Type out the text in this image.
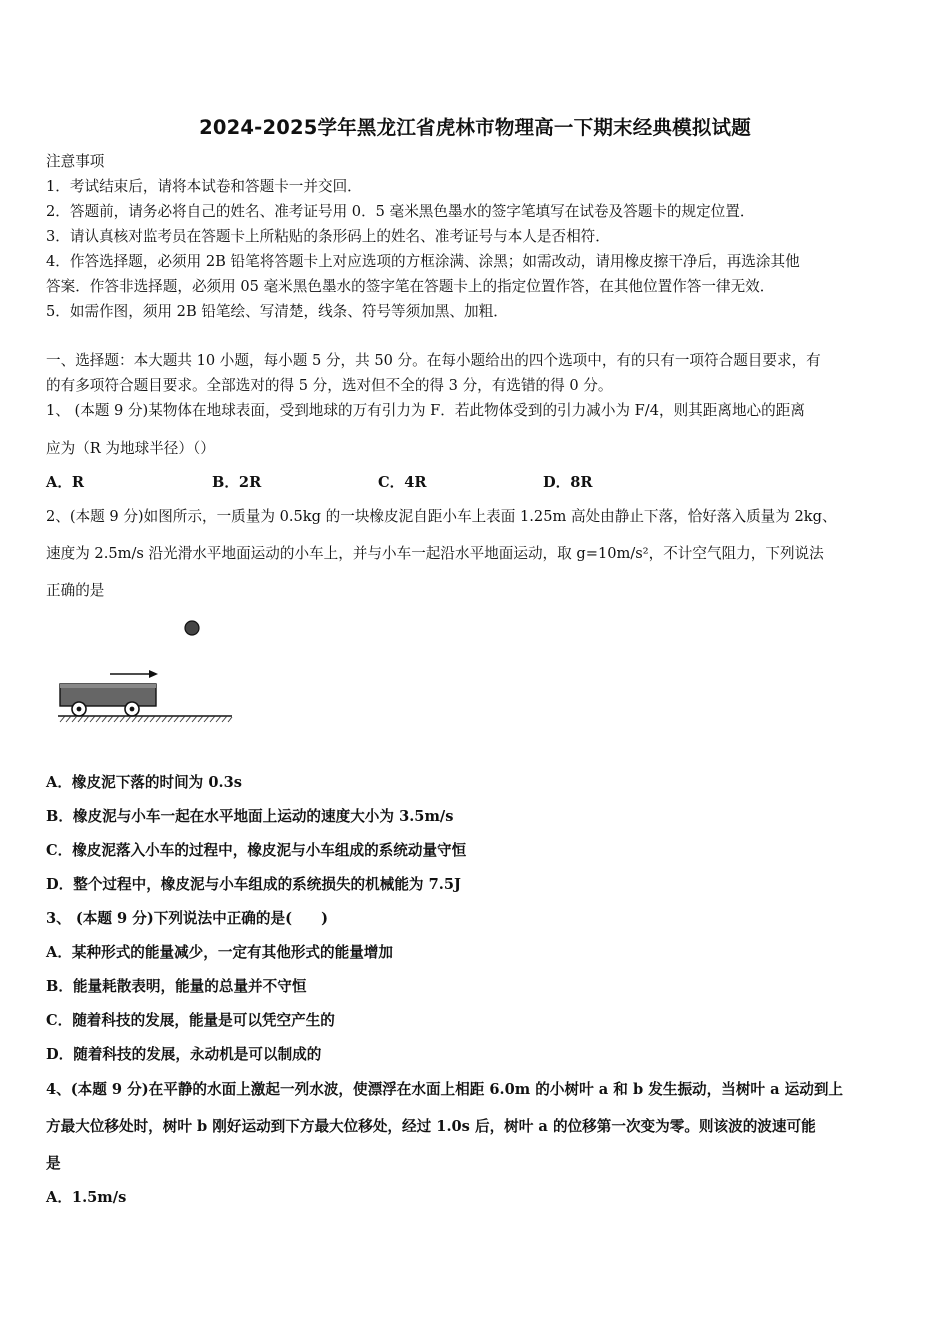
2024-2025学年黑龙江省虎林市物理高一下期末经典模拟试题
注意事项
1．考试结束后，请将本试卷和答题卡一并交回．
2．答题前，请务必将自己的姓名、准考证号用 0．5 毫米黑色墨水的签字笔填写在试卷及答题卡的规定位置．
3．请认真核对监考员在答题卡上所粘贴的条形码上的姓名、准考证号与本人是否相符．
4．作答选择题，必须用 2B 铅笔将答题卡上对应选项的方框涂满、涂黑；如需改动，请用橡皮擦干净后，再选涂其他
答案．作答非选择题，必须用 05 毫米黑色墨水的签字笔在答题卡上的指定位置作答，在其他位置作答一律无效．
5．如需作图，须用 2B 铅笔绘、写清楚，线条、符号等须加黑、加粗．
一、选择题：本大题共 10 小题，每小题 5 分，共 50 分。在每小题给出的四个选项中，有的只有一项符合题目要求，有
的有多项符合题目要求。全部选对的得 5 分，选对但不全的得 3 分，有选错的得 0 分。
1、 (本题 9 分)某物体在地球表面，受到地球的万有引力为 F．若此物体受到的引力减小为 F/4，则其距离地心的距离
应为（R 为地球半径）（）
A．R	B．2R	C．4R	D．8R
2、(本题 9 分)如图所示，一质量为 0.5kg 的一块橡皮泥自距小车上表面 1.25m 高处由静止下落，恰好落入质量为 2kg、
速度为 2.5m/s 沿光滑水平地面运动的小车上，并与小车一起沿水平地面运动，取 g=10m/s²，不计空气阻力，下列说法
正确的是
A．橡皮泥下落的时间为 0.3s
B．橡皮泥与小车一起在水平地面上运动的速度大小为 3.5m/s
C．橡皮泥落入小车的过程中，橡皮泥与小车组成的系统动量守恒
D．整个过程中，橡皮泥与小车组成的系统损失的机械能为 7.5J
3、 (本题 9 分)下列说法中正确的是(　　)
A．某种形式的能量减少，一定有其他形式的能量增加
B．能量耗散表明，能量的总量并不守恒
C．随着科技的发展，能量是可以凭空产生的
D．随着科技的发展，永动机是可以制成的
4、(本题 9 分)在平静的水面上激起一列水波，使漂浮在水面上相距 6.0m 的小树叶 a 和 b 发生振动，当树叶 a 运动到上
方最大位移处时，树叶 b 刚好运动到下方最大位移处，经过 1.0s 后，树叶 a 的位移第一次变为零。则该波的波速可能
是
A．1.5m/s
